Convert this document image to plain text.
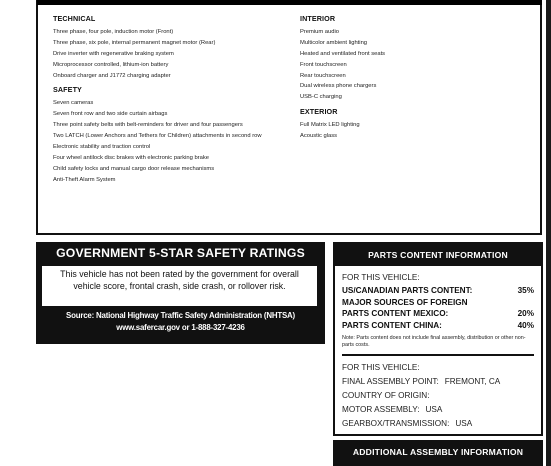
TECHNICAL
Three phase, four pole, induction motor (Front)
Three phase, six pole, internal permanent magnet motor (Rear)
Drive inverter with regenerative braking system
Microprocessor controlled, lithium-ion battery
Onboard charger and J1772 charging adapter
SAFETY
Seven cameras
Seven front row and two side curtain airbags
Three point safety belts with belt-reminders for driver and four passengers
Two LATCH (Lower Anchors and Tethers for Children) attachments in second row
Electronic stability and traction control
Four wheel antilock disc brakes with electronic parking brake
Child safety locks and manual cargo door release mechanisms
Anti-Theft Alarm System
INTERIOR
Premium audio
Multicolor ambient lighting
Heated and ventilated front seats
Front touchscreen
Rear touchscreen
Dual wireless phone chargers
USB-C charging
EXTERIOR
Full Matrix LED lighting
Acoustic glass
GOVERNMENT 5-STAR SAFETY RATINGS
This vehicle has not been rated by the government for overall vehicle score, frontal crash, side crash, or rollover risk.
Source: National Highway Traffic Safety Administration (NHTSA)
www.safercar.gov or 1-888-327-4236
PARTS CONTENT INFORMATION
FOR THIS VEHICLE:
US/CANADIAN PARTS CONTENT:	35%
MAJOR SOURCES OF FOREIGN
PARTS CONTENT MEXICO:	20%
PARTS CONTENT CHINA:	40%
Note: Parts content does not include final assembly, distribution or other non-parts costs.
FOR THIS VEHICLE:
FINAL ASSEMBLY POINT: FREMONT, CA
COUNTRY OF ORIGIN:
MOTOR ASSEMBLY: USA
GEARBOX/TRANSMISSION: USA
ADDITIONAL ASSEMBLY INFORMATION
